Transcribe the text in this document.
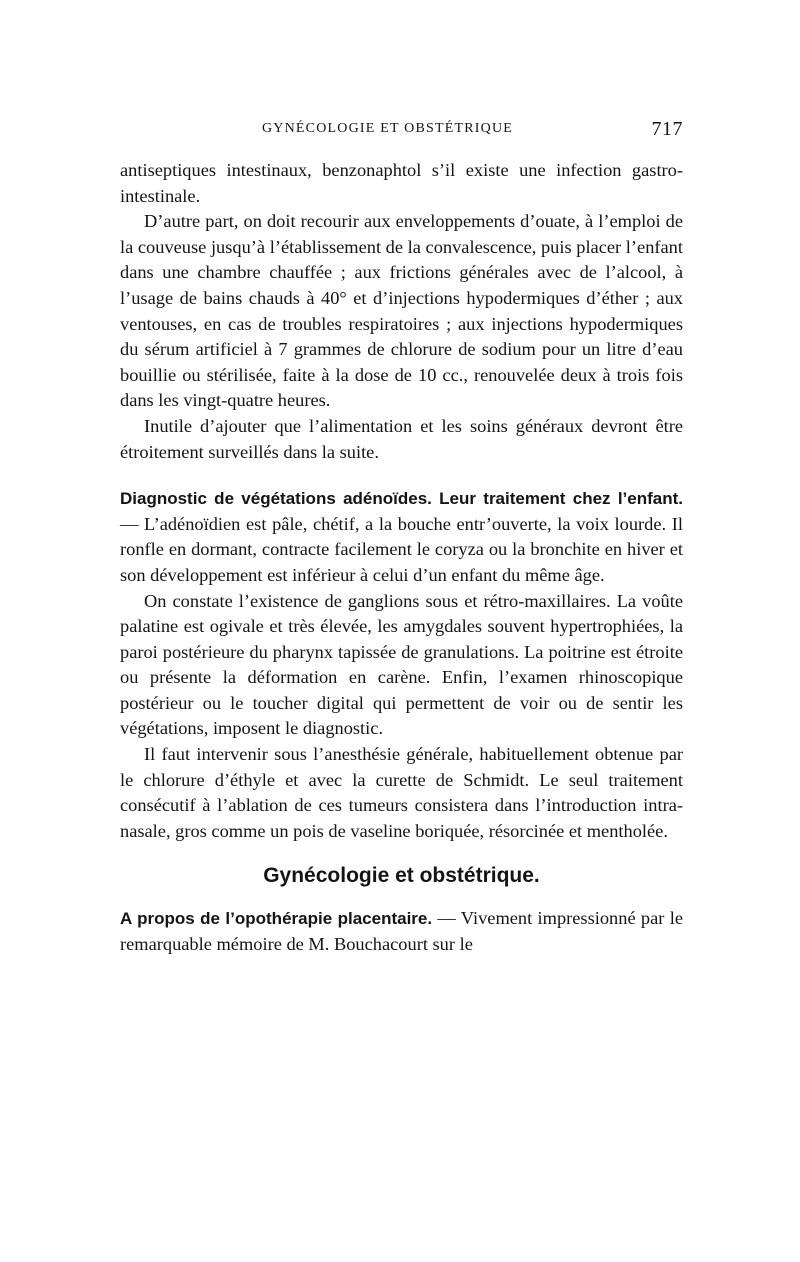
GYNÉCOLOGIE ET OBSTÉTRIQUE	717

antiseptiques intestinaux, benzonaphtol s’il existe une infection gastro-intestinale.

D’autre part, on doit recourir aux enveloppements d’ouate, à l’emploi de la couveuse jusqu’à l’établissement de la convalescence, puis placer l’enfant dans une chambre chauffée ; aux frictions générales avec de l’alcool, à l’usage de bains chauds à 40° et d’injections hypodermiques d’éther ; aux ventouses, en cas de troubles respiratoires ; aux injections hypodermiques du sérum artificiel à 7 grammes de chlorure de sodium pour un litre d’eau bouillie ou stérilisée, faite à la dose de 10 cc., renouvelée deux à trois fois dans les vingt-quatre heures.

Inutile d’ajouter que l’alimentation et les soins généraux devront être étroitement surveillés dans la suite.

Diagnostic de végétations adénoïdes. Leur traitement chez l’enfant. — L’adénoïdien est pâle, chétif, a la bouche entr’ouverte, la voix lourde. Il ronfle en dormant, contracte facilement le coryza ou la bronchite en hiver et son développement est inférieur à celui d’un enfant du même âge.

On constate l’existence de ganglions sous et rétro-maxillaires. La voûte palatine est ogivale et très élevée, les amygdales souvent hypertrophiées, la paroi postérieure du pharynx tapissée de granulations. La poitrine est étroite ou présente la déformation en carène. Enfin, l’examen rhinoscopique postérieur ou le toucher digital qui permettent de voir ou de sentir les végétations, imposent le diagnostic.

Il faut intervenir sous l’anesthésie générale, habituellement obtenue par le chlorure d’éthyle et avec la curette de Schmidt. Le seul traitement consécutif à l’ablation de ces tumeurs consistera dans l’introduction intra-nasale, gros comme un pois de vaseline boriquée, résorcinée et mentholée.

Gynécologie et obstétrique.

A propos de l’opothérapie placentaire. — Vivement impressionné par le remarquable mémoire de M. Bouchacourt sur le
